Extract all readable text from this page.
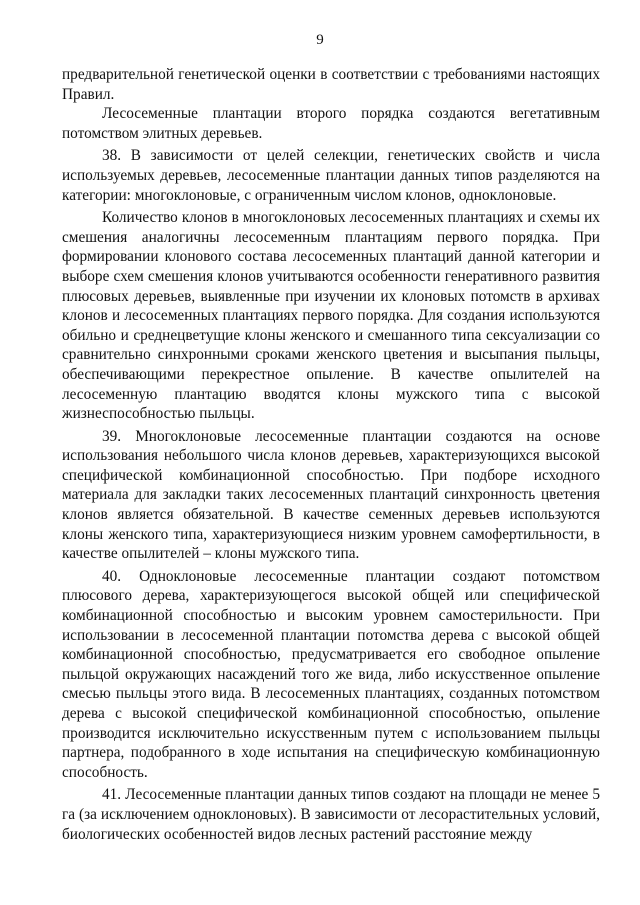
9

предварительной генетической оценки в соответствии с требованиями настоящих Правил.

Лесосеменные плантации второго порядка создаются вегетативным потомством элитных деревьев.

38. В зависимости от целей селекции, генетических свойств и числа используемых деревьев, лесосеменные плантации данных типов разделяются на категории: многоклоновые, с ограниченным числом клонов, одноклоновые.

Количество клонов в многоклоновых лесосеменных плантациях и схемы их смешения аналогичны лесосеменным плантациям первого порядка. При формировании клонового состава лесосеменных плантаций данной категории и выборе схем смешения клонов учитываются особенности генеративного развития плюсовых деревьев, выявленные при изучении их клоновых потомств в архивах клонов и лесосеменных плантациях первого порядка. Для создания используются обильно и среднецветущие клоны женского и смешанного типа сексуализации со сравнительно синхронными сроками женского цветения и высыпания пыльцы, обеспечивающими перекрестное опыление. В качестве опылителей на лесосеменную плантацию вводятся клоны мужского типа с высокой жизнеспособностью пыльцы.

39. Многоклоновые лесосеменные плантации создаются на основе использования небольшого числа клонов деревьев, характеризующихся высокой специфической комбинационной способностью. При подборе исходного материала для закладки таких лесосеменных плантаций синхронность цветения клонов является обязательной. В качестве семенных деревьев используются клоны женского типа, характеризующиеся низким уровнем самофертильности, в качестве опылителей – клоны мужского типа.

40. Одноклоновые лесосеменные плантации создают потомством плюсового дерева, характеризующегося высокой общей или специфической комбинационной способностью и высоким уровнем самостерильности. При использовании в лесосеменной плантации потомства дерева с высокой общей комбинационной способностью, предусматривается его свободное опыление пыльцой окружающих насаждений того же вида, либо искусственное опыление смесью пыльцы этого вида. В лесосеменных плантациях, созданных потомством дерева с высокой специфической комбинационной способностью, опыление производится исключительно искусственным путем с использованием пыльцы партнера, подобранного в ходе испытания на специфическую комбинационную способность.

41. Лесосеменные плантации данных типов создают на площади не менее 5 га (за исключением одноклоновых). В зависимости от лесорастительных условий, биологических особенностей видов лесных растений расстояние между
